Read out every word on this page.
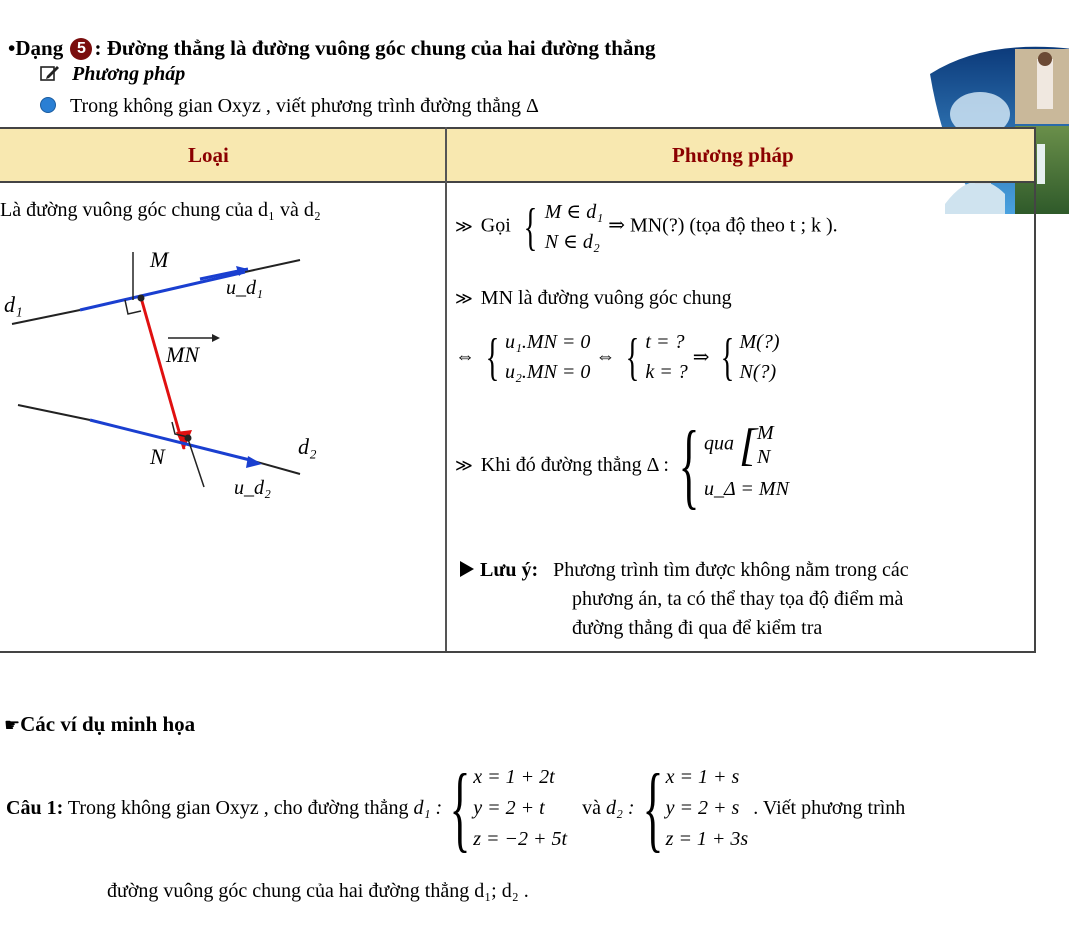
•Dạng 5 : Đường thẳng là đường vuông góc chung của hai đường thẳng
Phương pháp
Trong không gian Oxyz , viết phương trình đường thẳng Δ
Loại	Phương pháp
Là đường vuông góc chung của d₁ và d₂
M
N
d₁
d₂
MN
u_d₁
u_d₂
≫ Gọi { M ∈ d₁
N ∈ d₂ ⇒ MN(?) (tọa độ theo t ; k ).
≫ MN là đường vuông góc chung
⇔ { u₁.MN = 0
u₂.MN = 0 ⇔ { t = ?
k = ? ⇒ { M(?)
N(?)
≫ Khi đó đường thẳng Δ : { qua [M
N
u_Δ = MN
Lưu ý: Phương trình tìm được không nằm trong các
phương án, ta có thể thay tọa độ điểm mà
đường thẳng đi qua để kiểm tra
☛Các ví dụ minh họa
Câu 1: Trong không gian Oxyz , cho đường thẳng d₁ : { x = 1 + 2t
y = 2 + t
z = −2 + 5t và d₂ : { x = 1 + s
y = 2 + s
z = 1 + 3s . Viết phương trình
đường vuông góc chung của hai đường thẳng d₁; d₂ .
